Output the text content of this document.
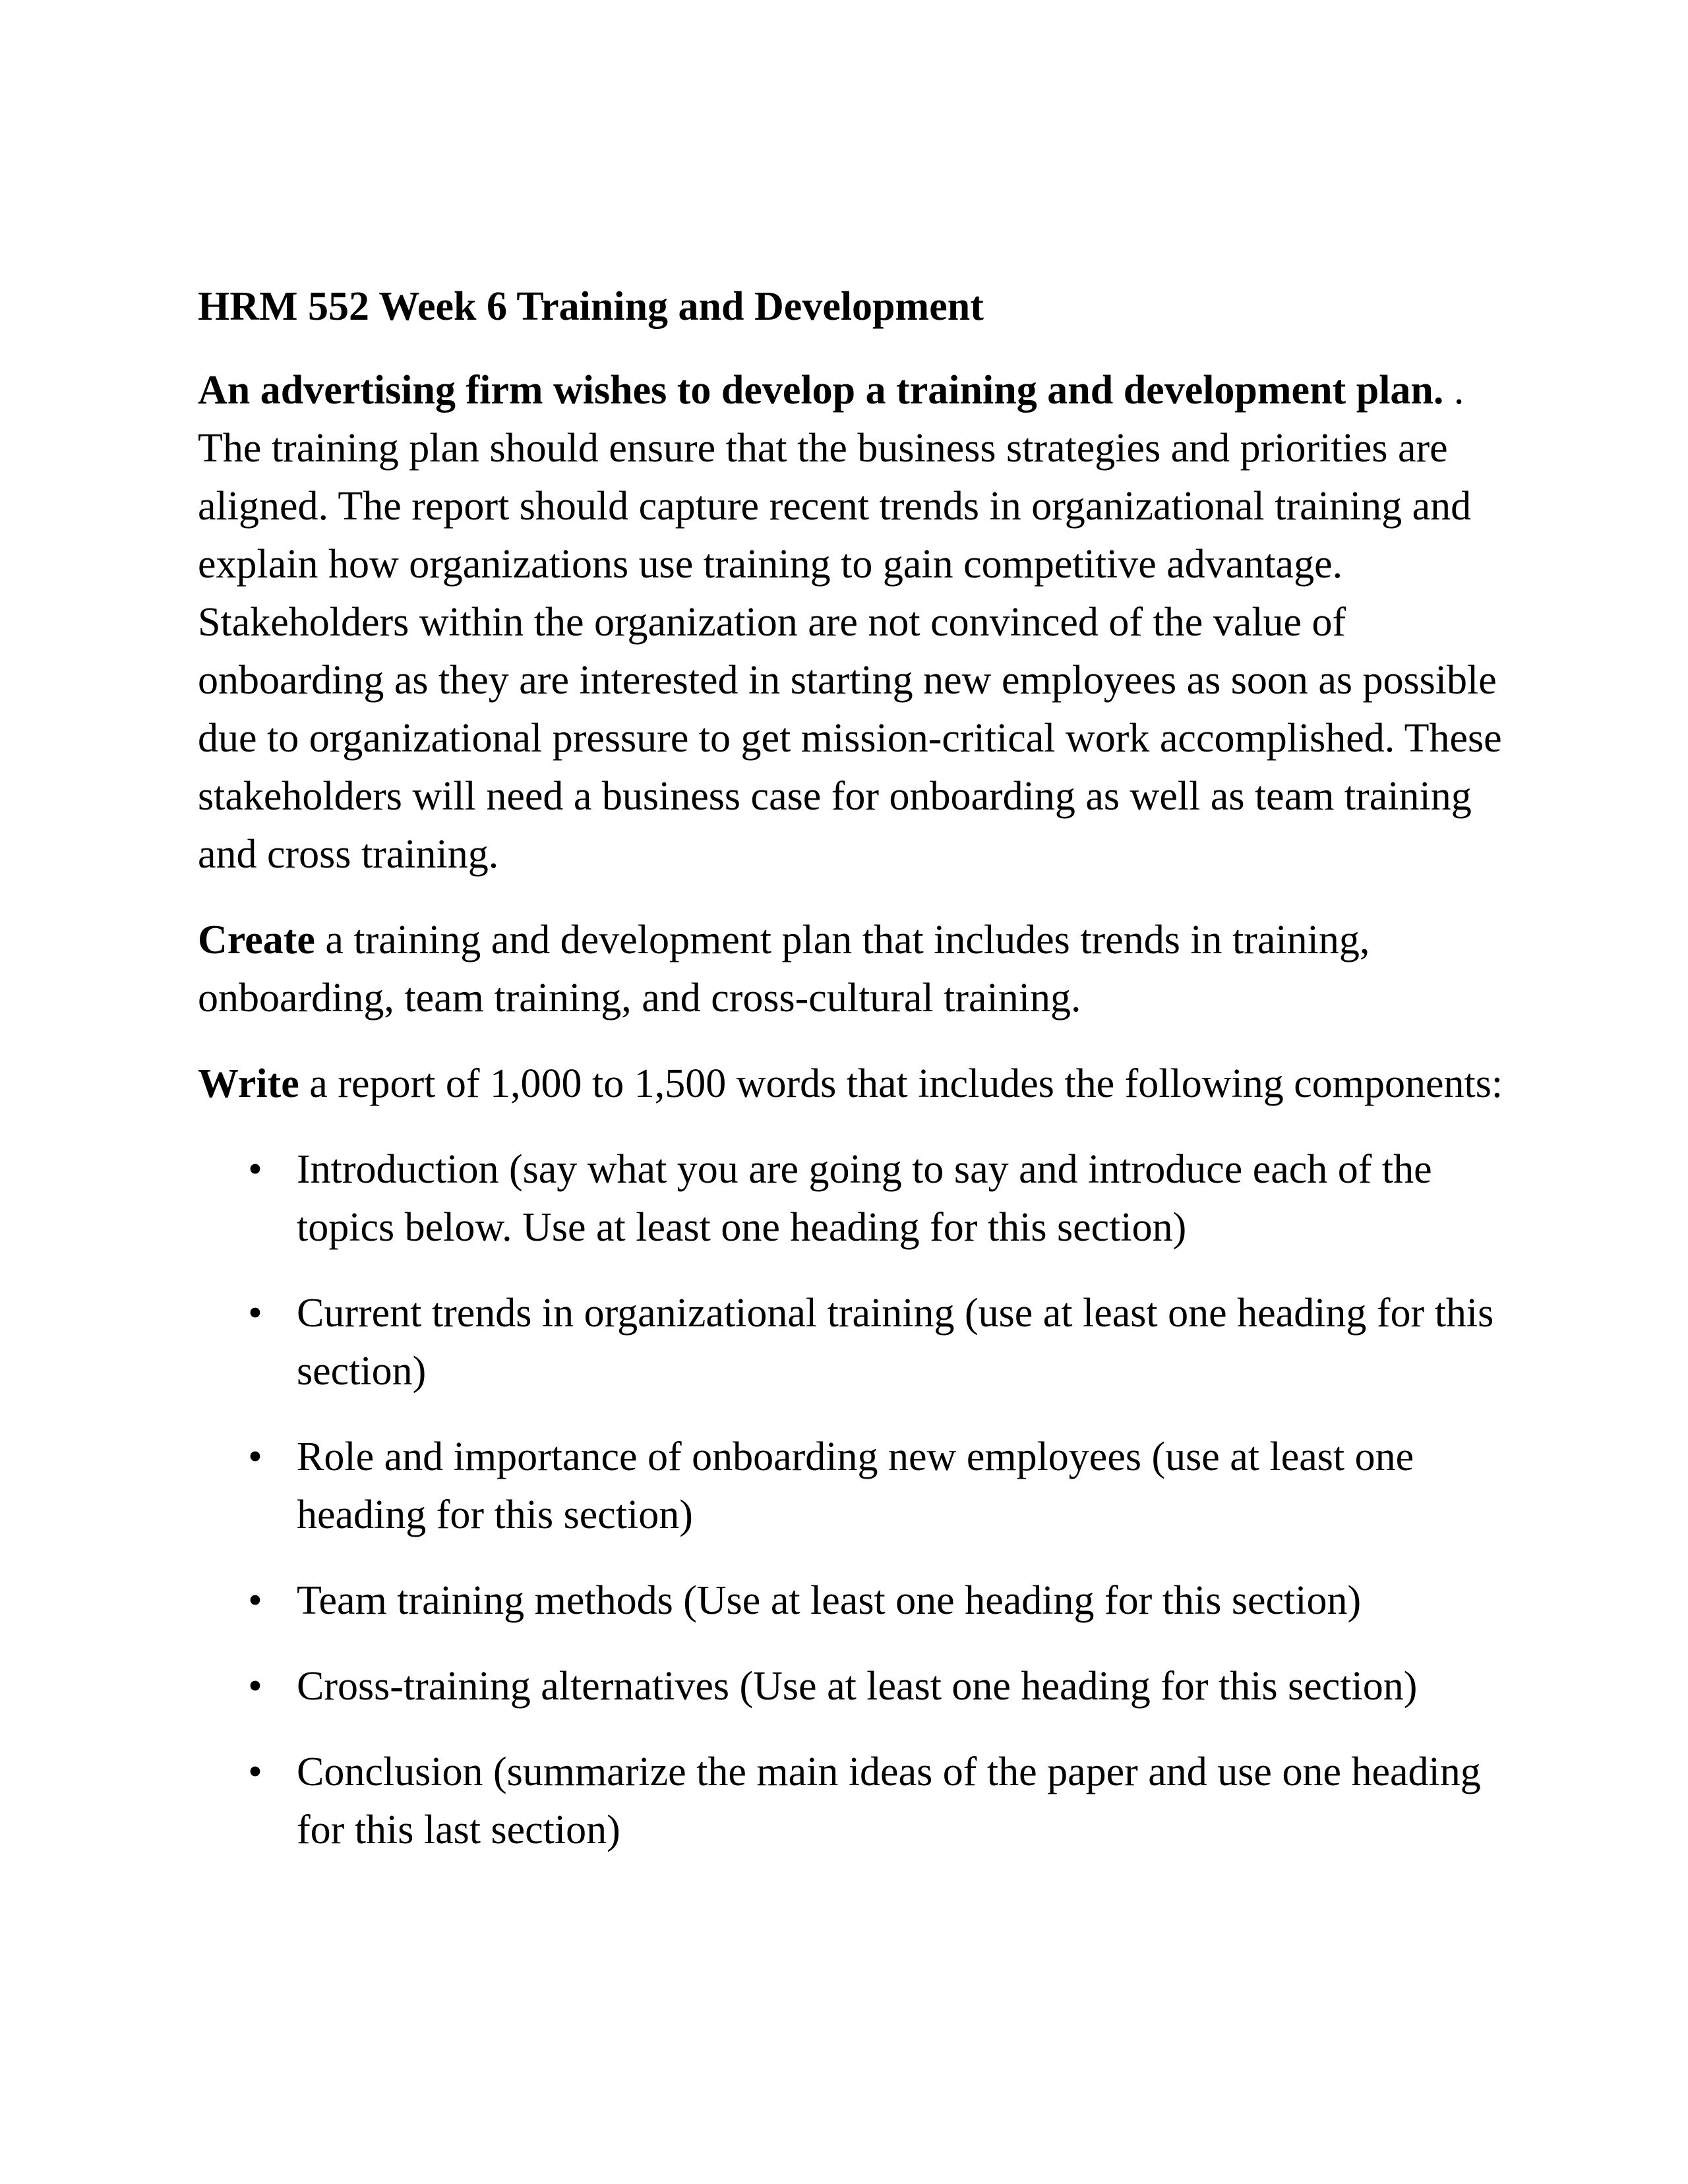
HRM 552 Week 6 Training and Development
An advertising firm wishes to develop a training and development plan. . The training plan should ensure that the business strategies and priorities are aligned. The report should capture recent trends in organizational training and explain how organizations use training to gain competitive advantage. Stakeholders within the organization are not convinced of the value of onboarding as they are interested in starting new employees as soon as possible due to organizational pressure to get mission-critical work accomplished. These stakeholders will need a business case for onboarding as well as team training and cross training.
Create a training and development plan that includes trends in training, onboarding, team training, and cross-cultural training.
Write a report of 1,000 to 1,500 words that includes the following components:
• Introduction (say what you are going to say and introduce each of the topics below. Use at least one heading for this section)
• Current trends in organizational training (use at least one heading for this section)
• Role and importance of onboarding new employees (use at least one heading for this section)
• Team training methods (Use at least one heading for this section)
• Cross-training alternatives (Use at least one heading for this section)
• Conclusion (summarize the main ideas of the paper and use one heading for this last section)
